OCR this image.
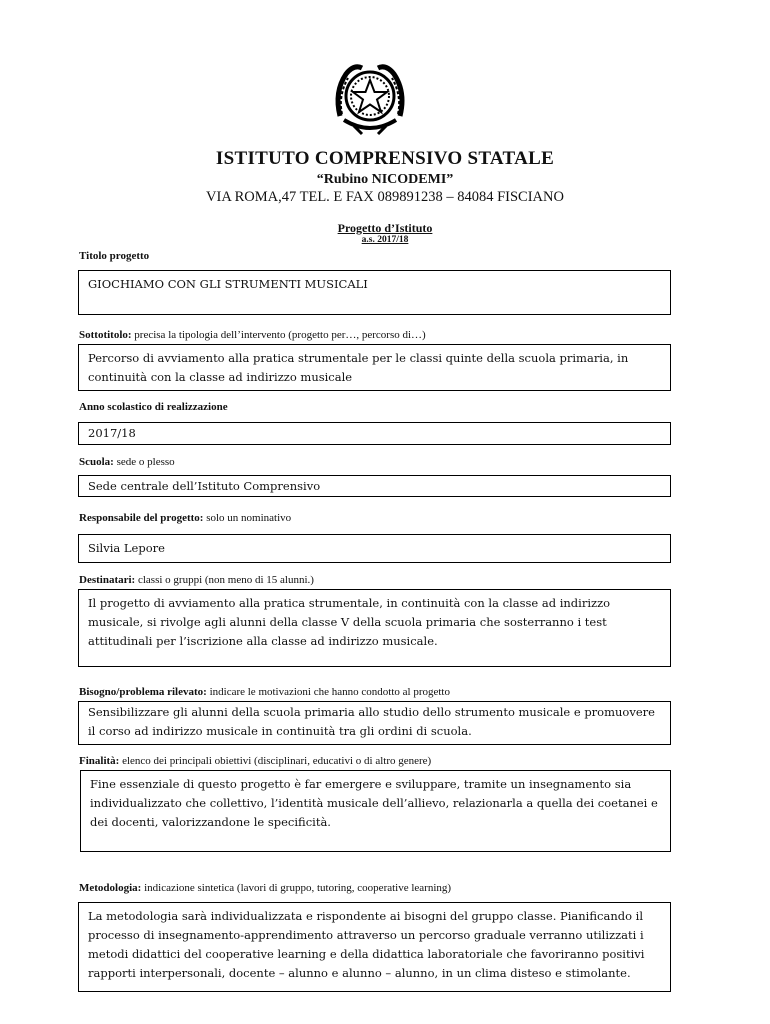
ISTITUTO COMPRENSIVO STATALE
“Rubino NICODEMI”
VIA ROMA,47 TEL. E FAX 089891238 – 84084 FISCIANO
Progetto d’Istituto
a.s. 2017/18
Titolo progetto
GIOCHIAMO CON GLI STRUMENTI MUSICALI
Sottotitolo: precisa la tipologia dell’intervento (progetto per…, percorso di…)
Percorso di avviamento alla pratica strumentale per le classi quinte della scuola primaria, in continuità con la classe ad indirizzo musicale
Anno scolastico di realizzazione
2017/18
Scuola: sede o plesso
Sede centrale dell’Istituto Comprensivo
Responsabile del progetto: solo un nominativo
Silvia Lepore
Destinatari: classi o gruppi (non meno di 15 alunni.)
Il progetto di avviamento alla pratica strumentale, in continuità con la classe ad indirizzo musicale, si rivolge agli alunni della classe V della scuola primaria che sosterranno i test attitudinali per l’iscrizione alla classe ad indirizzo musicale.
Bisogno/problema rilevato: indicare le motivazioni che hanno condotto al progetto
Sensibilizzare gli alunni della scuola primaria allo studio dello strumento musicale e promuovere il corso ad indirizzo musicale in continuità tra gli ordini di scuola.
Finalità: elenco dei principali obiettivi (disciplinari, educativi o di altro genere)
Fine essenziale di questo progetto è far emergere e sviluppare, tramite un insegnamento sia individualizzato che collettivo, l’identità musicale dell’allievo, relazionarla a quella dei coetanei e dei docenti, valorizzandone le specificità.
Metodologia: indicazione sintetica (lavori di gruppo, tutoring, cooperative learning)
La metodologia sarà individualizzata e rispondente ai bisogni del gruppo classe. Pianificando il processo di insegnamento-apprendimento attraverso un percorso graduale verranno utilizzati i metodi didattici del cooperative learning e della didattica laboratoriale che favoriranno positivi rapporti interpersonali, docente – alunno e alunno – alunno, in un clima disteso e stimolante.
